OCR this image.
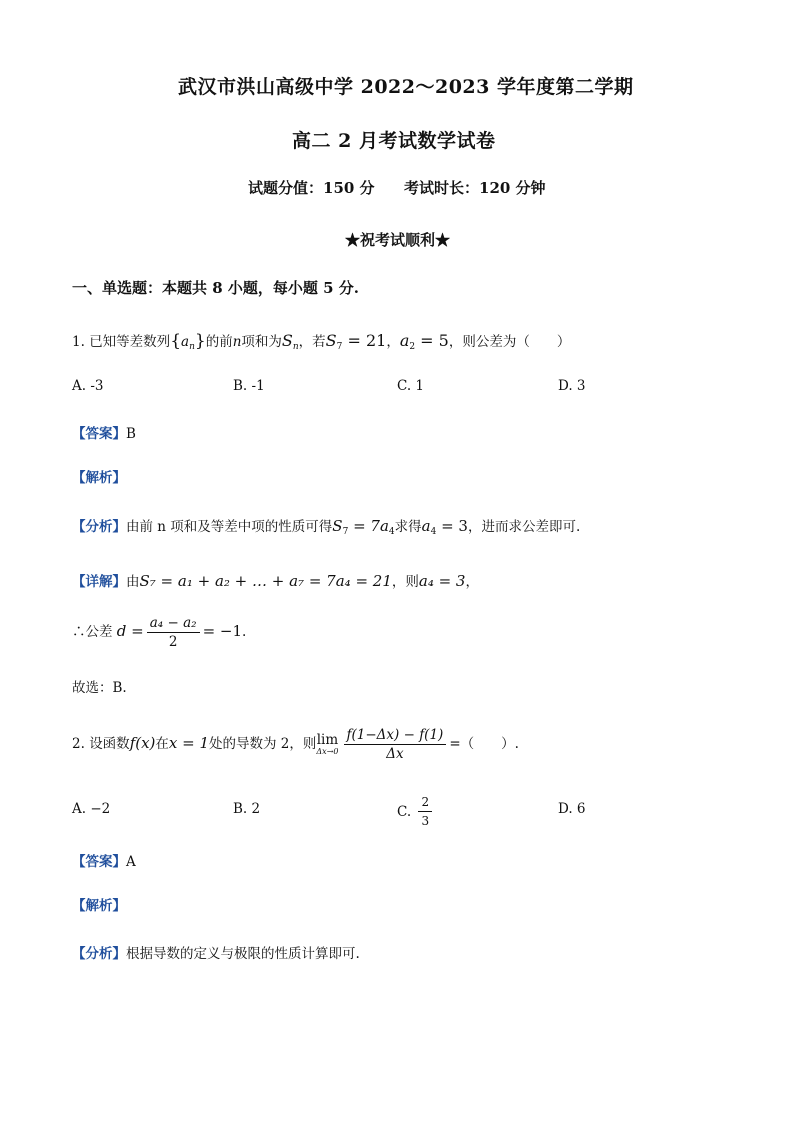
武汉市洪山高级中学 2022～2023 学年度第二学期
高二 2 月考试数学试卷
试题分值：150 分 考试时长：120 分钟
★祝考试顺利★
一、单选题：本题共 8 小题，每小题 5 分.
1. 已知等差数列$\{a_n\}$的前n项和为$S_n$，若$S_7 = 21$，$a_2 = 5$，则公差为（　　）
A. -3	B. -1	C. 1	D. 3
【答案】B
【解析】
【分析】由前 n 项和及等差中项的性质可得$S_7 = 7a_4$求得$a_4 = 3$，进而求公差即可.
【详解】由S₇ = a₁ + a₂ + … + a₇ = 7a₄ = 21，则a₄ = 3，
∴公差 $d = \frac{\text{a₄ − a₂}}{2} = -1$.
故选：B.
2. 设函数f(x)在x = 1处的导数为 2，则 lim
$\Delta x\to 0 \frac{f(1-\Delta x) - f(1)}{\Delta x}$ =（　　）.
A. −2	B. 2	C. $\frac{2}{3}$	D. 6
【答案】A
【解析】
【分析】根据导数的定义与极限的性质计算即可.
